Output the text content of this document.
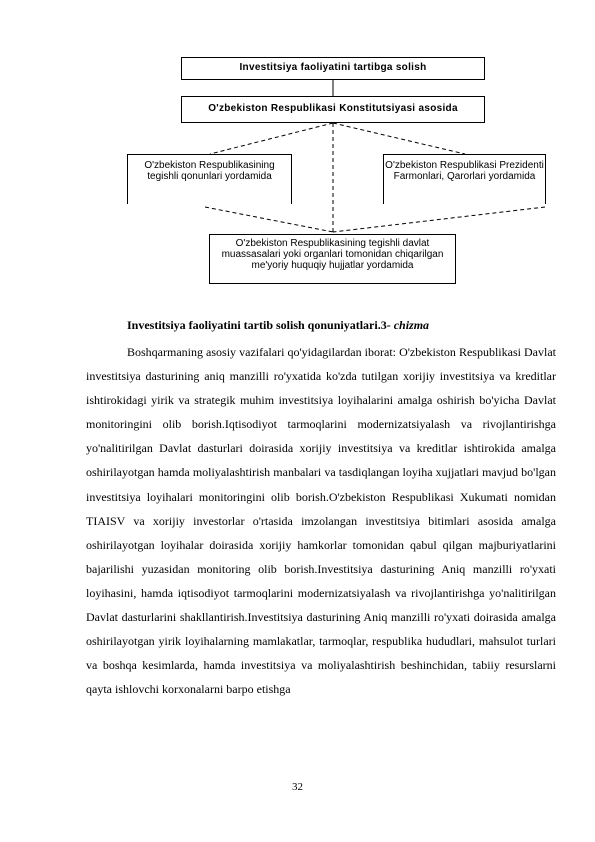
Investitsiya faoliyatini tartibga solish
O'zbekiston Respublikasi Konstitutsiyasi asosida
O'zbekiston Respublikasining tegishli qonunlari yordamida
O'zbekiston Respublikasi Prezidenti Farmonlari, Qarorlari yordamida
O'zbekiston Respublikasining tegishli davlat muassasalari yoki organlari tomonidan chiqarilgan me'yoriy huquqiy hujjatlar yordamida
Investitsiya faoliyatini tartib solish qonuniyatlari.3- chizma

Boshqarmaning asosiy vazifalari qo'yidagilardan iborat: O'zbekiston Respublikasi Davlat investitsiya dasturining aniq manzilli ro'yxatida ko'zda tutilgan xorijiy investitsiya va kreditlar ishtirokidagi yirik va strategik muhim investitsiya loyihalarini amalga oshirish bo'yicha Davlat monitoringini olib borish.Iqtisodiyot tarmoqlarini modernizatsiyalash va rivojlantirishga yo'nalitirilgan Davlat dasturlari doirasida xorijiy investitsiya va kreditlar ishtirokida amalga oshirilayotgan hamda moliyalashtirish manbalari va tasdiqlangan loyiha xujjatlari mavjud bo'lgan investitsiya loyihalari monitoringini olib borish.O'zbekiston Respublikasi Xukumati nomidan TIAISV va xorijiy investorlar o'rtasida imzolangan investitsiya bitimlari asosida amalga oshirilayotgan loyihalar doirasida xorijiy hamkorlar tomonidan qabul qilgan majburiyatlarini bajarilishi yuzasidan monitoring olib borish.Investitsiya dasturining Aniq manzilli ro'yxati loyihasini, hamda iqtisodiyot tarmoqlarini modernizatsiyalash va rivojlantirishga yo'nalitirilgan Davlat dasturlarini shakllantirish.Investitsiya dasturining Aniq manzilli ro'yxati doirasida amalga oshirilayotgan yirik loyihalarning mamlakatlar, tarmoqlar, respublika hududlari, mahsulot turlari va boshqa kesimlarda, hamda investitsiya va moliyalashtirish beshinchidan, tabiiy resurslarni qayta ishlovchi korxonalarni barpo etishga

32
